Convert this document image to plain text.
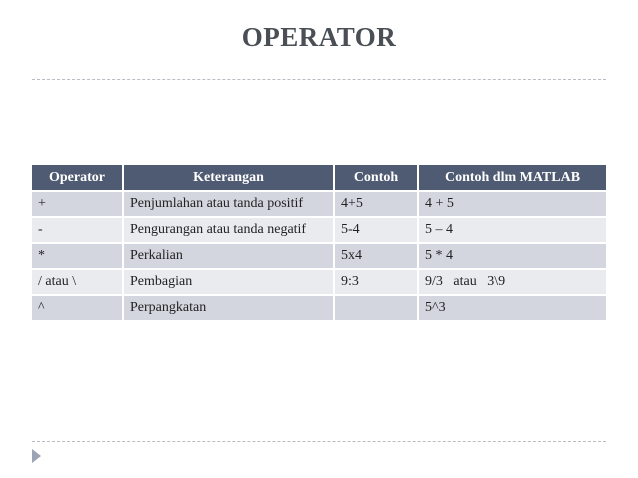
OPERATOR
Operator	Keterangan	Contoh	Contoh dlm MATLAB
+	Penjumlahan atau tanda positif	4+5	4 + 5
-	Pengurangan atau tanda negatif	5-4	5 – 4
*	Perkalian	5x4	5 * 4
/ atau \	Pembagian	9:3	9/3   atau   3\9
^	Perpangkatan		5^3
